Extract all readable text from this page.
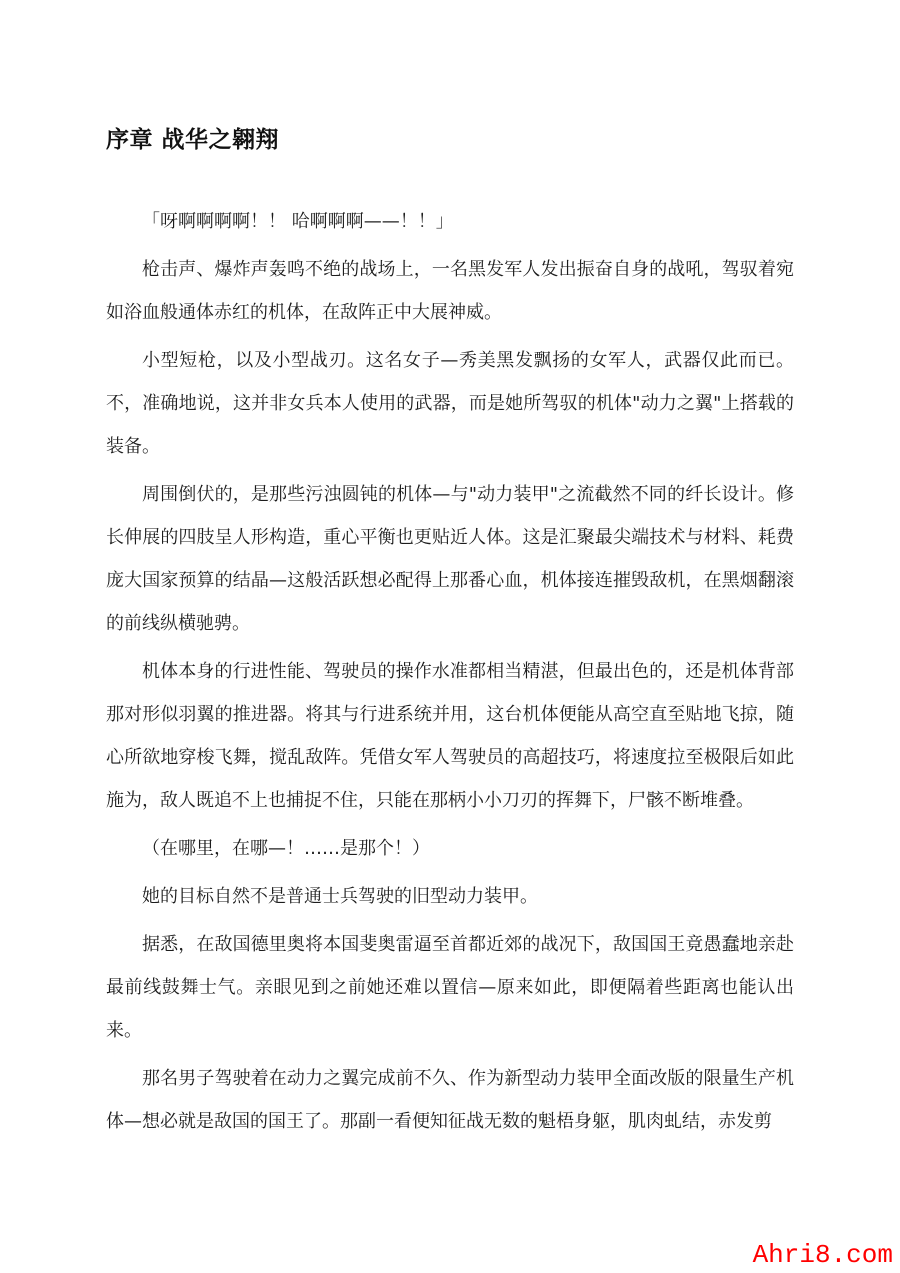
序章 战华之翱翔

「呀啊啊啊啊！！ 哈啊啊啊——！！」

枪击声、爆炸声轰鸣不绝的战场上，一名黑发军人发出振奋自身的战吼，驾驭着宛如浴血般通体赤红的机体，在敌阵正中大展神威。

小型短枪，以及小型战刃。这名女子—秀美黑发飘扬的女军人，武器仅此而已。不，准确地说，这并非女兵本人使用的武器，而是她所驾驭的机体"动力之翼"上搭载的装备。

周围倒伏的，是那些污浊圆钝的机体—与"动力装甲"之流截然不同的纤长设计。修长伸展的四肢呈人形构造，重心平衡也更贴近人体。这是汇聚最尖端技术与材料、耗费庞大国家预算的结晶—这般活跃想必配得上那番心血，机体接连摧毁敌机，在黑烟翻滚的前线纵横驰骋。

机体本身的行进性能、驾驶员的操作水准都相当精湛，但最出色的，还是机体背部那对形似羽翼的推进器。将其与行进系统并用，这台机体便能从高空直至贴地飞掠，随心所欲地穿梭飞舞，搅乱敌阵。凭借女军人驾驶员的高超技巧，将速度拉至极限后如此施为，敌人既追不上也捕捉不住，只能在那柄小小刀刃的挥舞下，尸骸不断堆叠。

（在哪里，在哪—！……是那个！）

她的目标自然不是普通士兵驾驶的旧型动力装甲。

据悉，在敌国德里奥将本国斐奥雷逼至首都近郊的战况下，敌国国王竟愚蠢地亲赴最前线鼓舞士气。亲眼见到之前她还难以置信—原来如此，即便隔着些距离也能认出来。

那名男子驾驶着在动力之翼完成前不久、作为新型动力装甲全面改版的限量生产机体—想必就是敌国的国王了。那副一看便知征战无数的魁梧身躯，肌肉虬结，赤发剪

Ahri8.com
